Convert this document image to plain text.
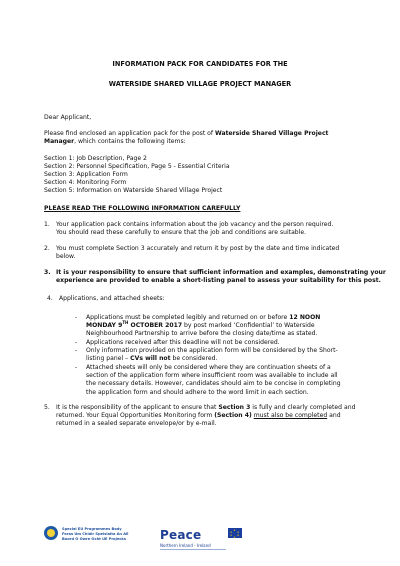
INFORMATION PACK FOR CANDIDATES FOR THE
WATERSIDE SHARED VILLAGE PROJECT MANAGER
Dear Applicant,
Please find enclosed an application pack for the post of Waterside Shared Village Project
Manager, which contains the following items:
Section 1: Job Description, Page 2
Section 2: Personnel Specification, Page 5 - Essential Criteria
Section 3: Application Form
Section 4: Monitoring Form
Section 5: Information on Waterside Shared Village Project
PLEASE READ THE FOLLOWING INFORMATION CAREFULLY
1. Your application pack contains information about the job vacancy and the person required.
You should read these carefully to ensure that the job and conditions are suitable.
2. You must complete Section 3 accurately and return it by post by the date and time indicated
below.
3. It is your responsibility to ensure that sufficient information and examples, demonstrating your
experience are provided to enable a short-listing panel to assess your suitability for this post.
4. Applications, and attached sheets:
- Applications must be completed legibly and returned on or before 12 NOON
MONDAY 9TH OCTOBER 2017 by post marked ‘Confidential’ to Waterside
Neighbourhood Partnership to arrive before the closing date/time as stated.
- Applications received after this deadline will not be considered.
- Only information provided on the application form will be considered by the Short-
listing panel – CVs will not be considered.
- Attached sheets will only be considered where they are continuation sheets of a
section of the application form where insufficient room was available to include all
the necessary details. However, candidates should aim to be concise in completing
the application form and should adhere to the word limit in each section.
5. It is the responsibility of the applicant to ensure that Section 3 is fully and clearly completed and
returned. Your Equal Opportunities Monitoring form (Section 4) must also be completed and
returned in a sealed separate envelope/or by e-mail.
Special EU Programmes Body
Foras Um Chláir Speisialta An AE
Boord O Owre Ocht UE Projecks	Peace
Northern Ireland - Ireland
★
★
★
★
★
★
